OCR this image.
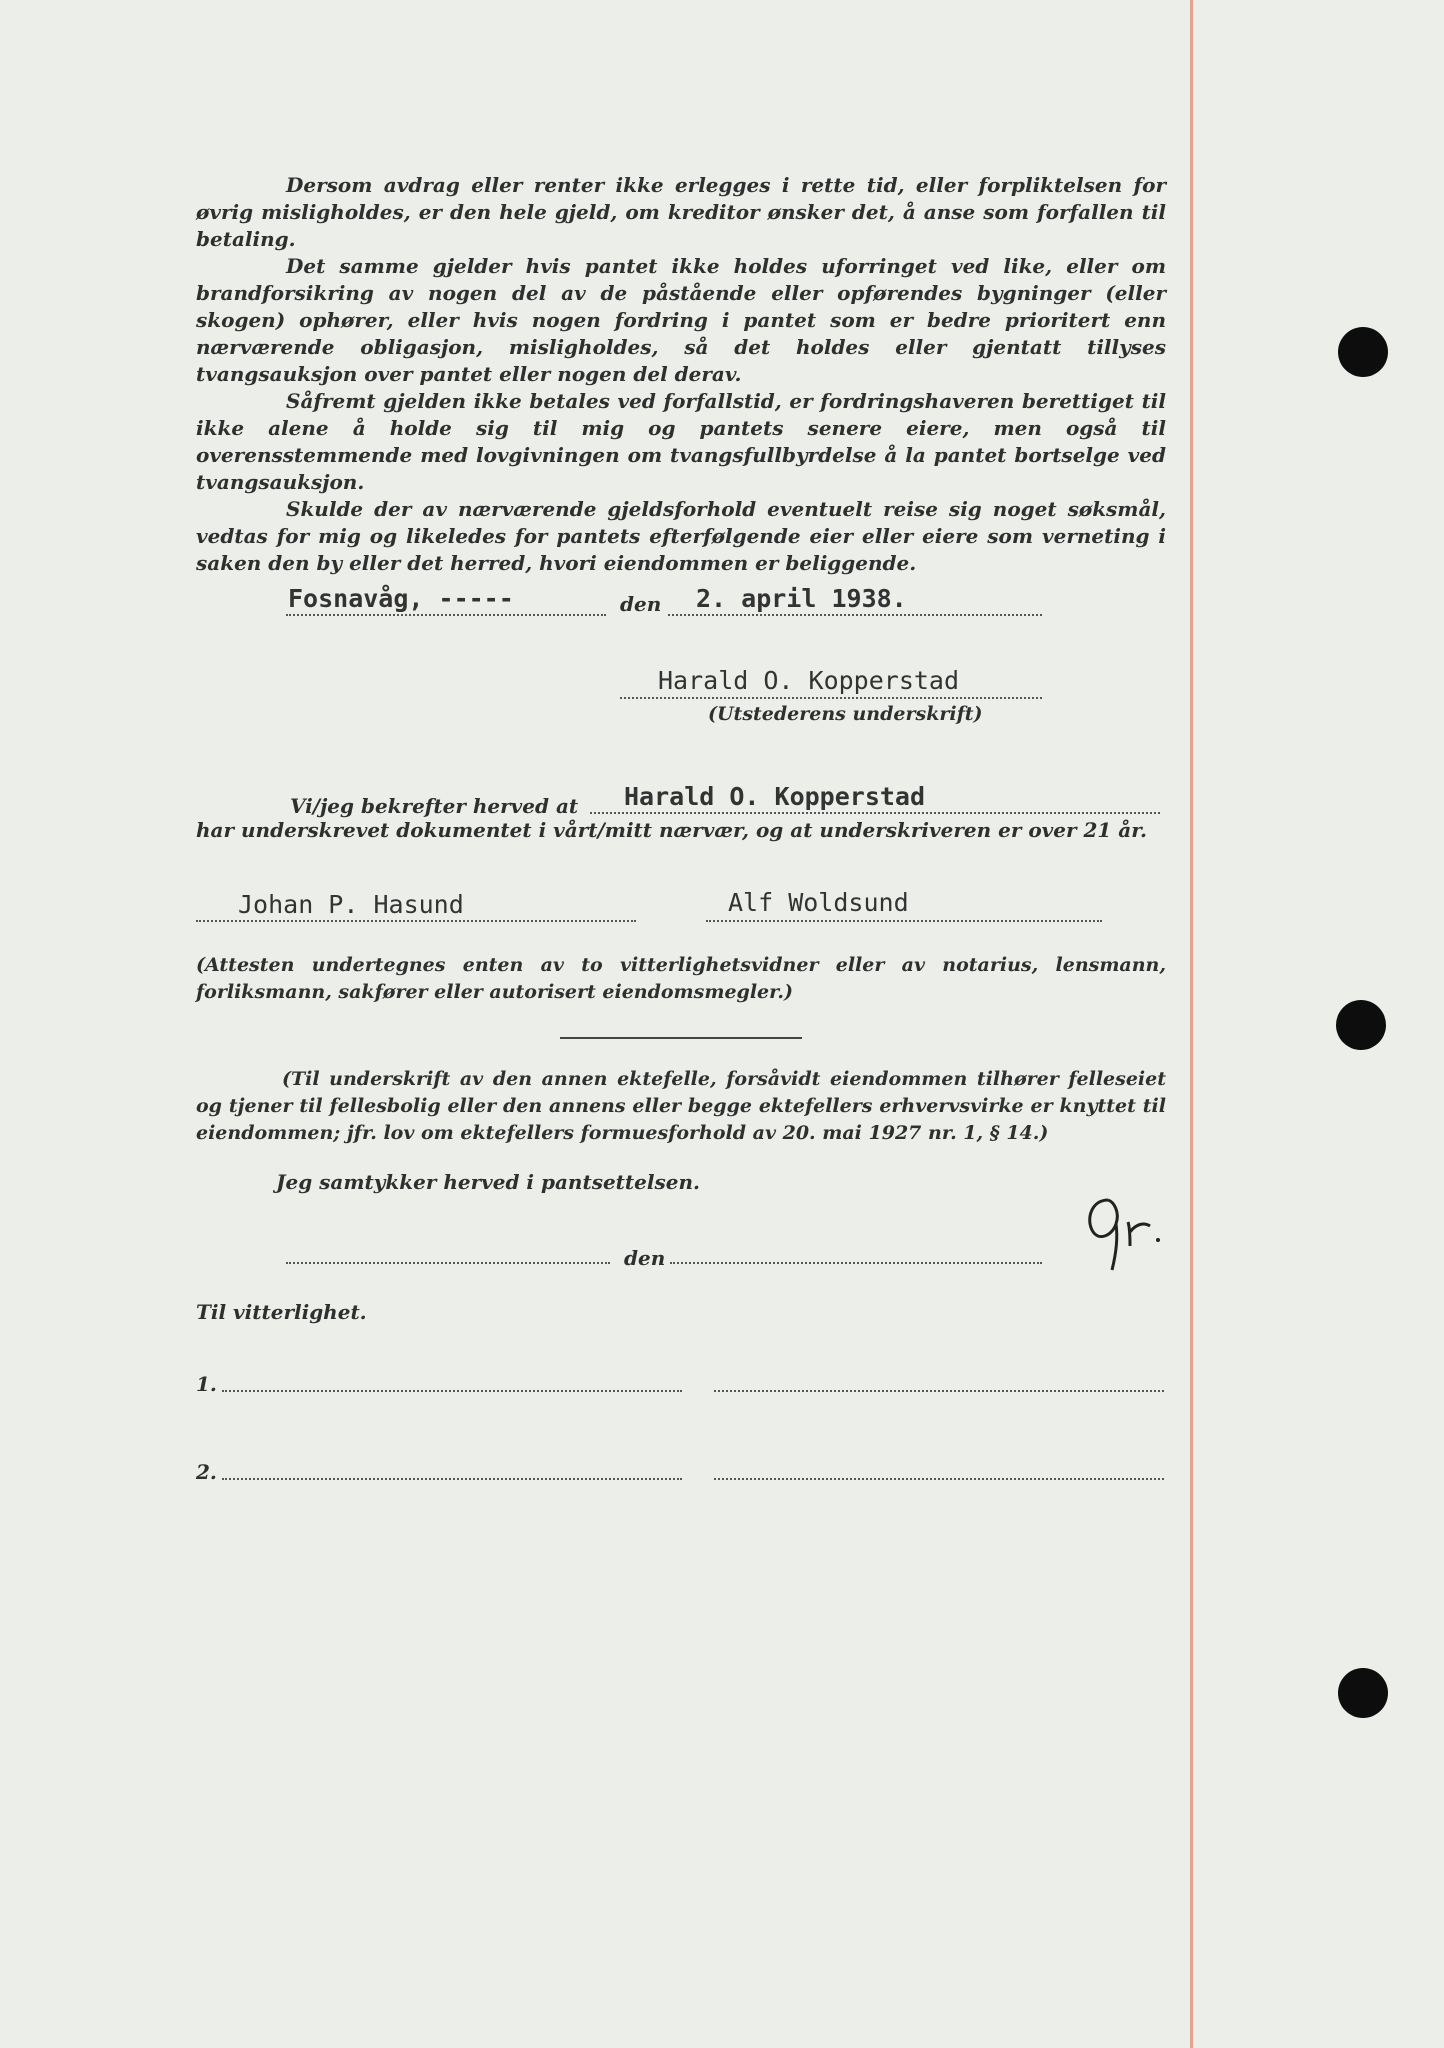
Dersom avdrag eller renter ikke erlegges i rette tid, eller forpliktelsen for øvrig misligholdes, er den hele gjeld, om kreditor ønsker det, å anse som forfallen til betaling.

Det samme gjelder hvis pantet ikke holdes uforringet ved like, eller om brandforsikring av nogen del av de påstående eller opførendes bygninger (eller skogen) ophører, eller hvis nogen fordring i pantet som er bedre prioritert enn nærværende obligasjon, misligholdes, så det holdes eller gjentatt tillyses tvangsauksjon over pantet eller nogen del derav.

Såfremt gjelden ikke betales ved forfallstid, er fordringshaveren berettiget til ikke alene å holde sig til mig og pantets senere eiere, men også til overensstemmende med lovgivningen om tvangsfullbyrdelse å la pantet bortselge ved tvangsauksjon.

Skulde der av nærværende gjeldsforhold eventuelt reise sig noget søksmål, vedtas for mig og likeledes for pantets efterfølgende eier eller eiere som verneting i saken den by eller det herred, hvori eiendommen er beliggende.

Fosnavåg, -----	den 2. april 1938.
Harald O. Kopperstad
(Utstederens underskrift)
Vi/jeg bekrefter herved at Harald O. Kopperstad
har underskrevet dokumentet i vårt/mitt nærvær, og at underskriveren er over 21 år.
Johan P. Hasund	Alf Woldsund

(Attesten undertegnes enten av to vitterlighetsvidner eller av notarius, lensmann, forliksmann, sakfører eller autorisert eiendomsmegler.)

(Til underskrift av den annen ektefelle, forsåvidt eiendommen tilhører felleseiet og tjener til fellesbolig eller den annens eller begge ektefellers erhvervsvirke er knyttet til eiendommen; jfr. lov om ektefellers formuesforhold av 20. mai 1927 nr. 1, § 14.)

Jeg samtykker herved i pantsettelsen.
den
Til vitterlighet.
1.
2.
